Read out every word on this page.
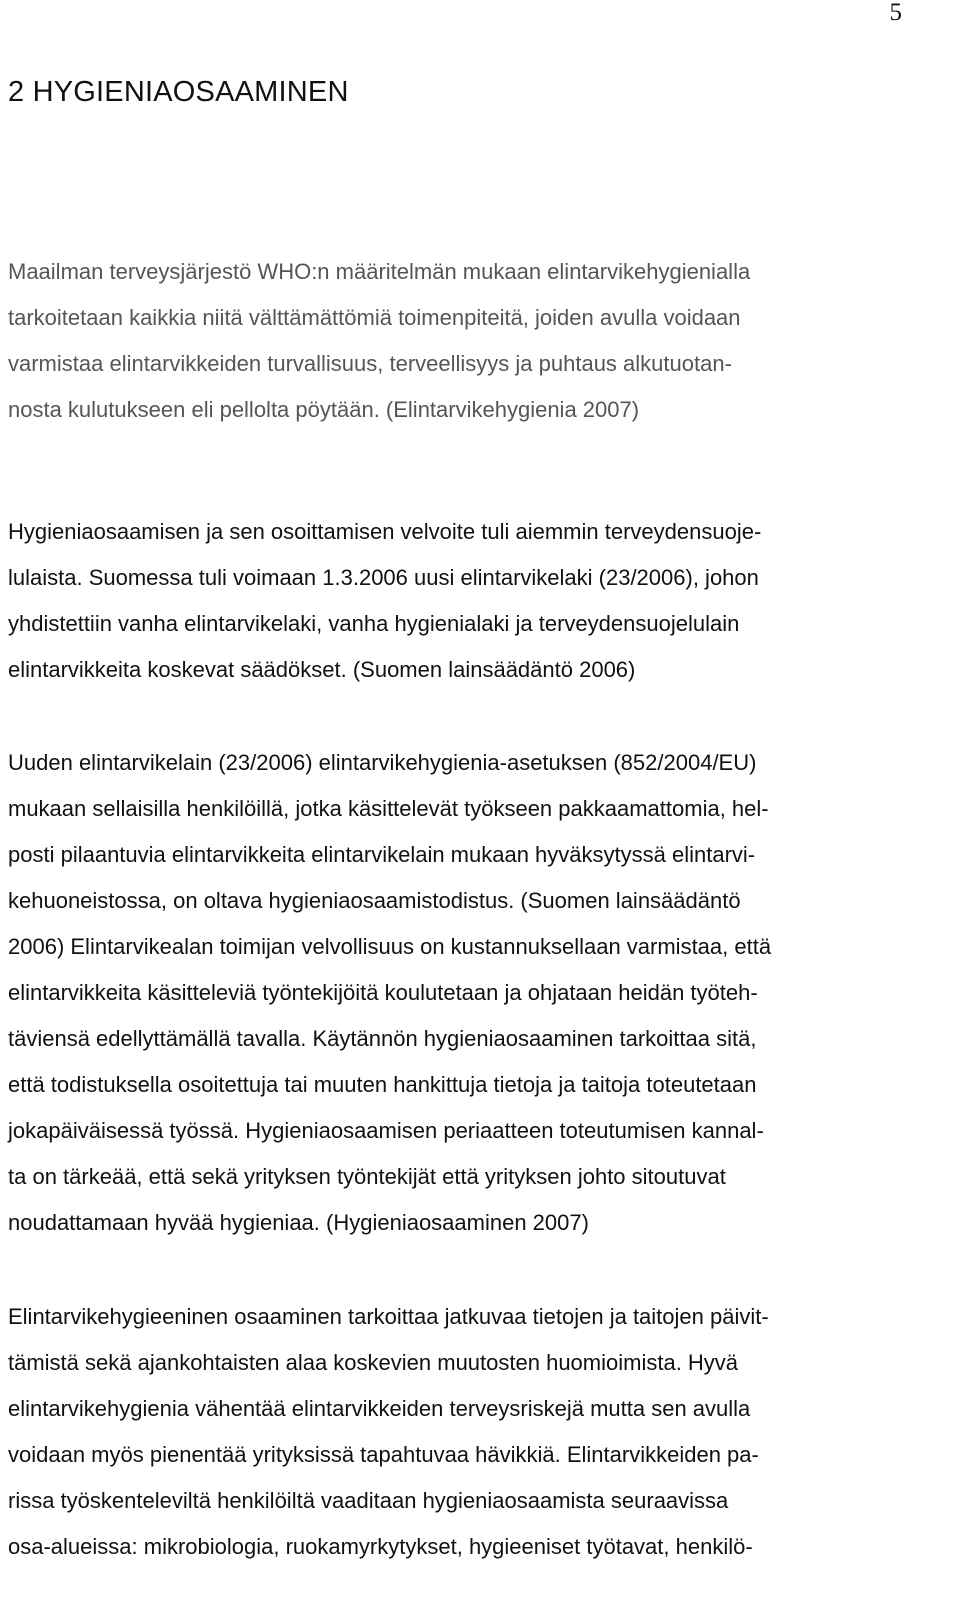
5
2 HYGIENIAOSAAMINEN
Maailman terveysjärjestö WHO:n määritelmän mukaan elintarvikehygienialla
tarkoitetaan kaikkia niitä välttämättömiä toimenpiteitä, joiden avulla voidaan
varmistaa elintarvikkeiden turvallisuus, terveellisyys ja puhtaus alkutuotan-
nosta kulutukseen eli pellolta pöytään. (Elintarvikehygienia 2007)
Hygieniaosaamisen ja sen osoittamisen velvoite tuli aiemmin terveydensuoje-
lulaista. Suomessa tuli voimaan 1.3.2006 uusi elintarvikelaki (23/2006), johon
yhdistettiin vanha elintarvikelaki, vanha hygienialaki ja terveydensuojelulain
elintarvikkeita koskevat säädökset. (Suomen lainsäädäntö 2006)
Uuden elintarvikelain (23/2006) elintarvikehygienia-asetuksen (852/2004/EU)
mukaan sellaisilla henkilöillä, jotka käsittelevät työkseen pakkaamattomia, hel-
posti pilaantuvia elintarvikkeita elintarvikelain mukaan hyväksytyssä elintarvi-
kehuoneistossa, on oltava hygieniaosaamistodistus. (Suomen lainsäädäntö
2006) Elintarvikealan toimijan velvollisuus on kustannuksellaan varmistaa, että
elintarvikkeita käsitteleviä työntekijöitä koulutetaan ja ohjataan heidän työteh-
täviensä edellyttämällä tavalla. Käytännön hygieniaosaaminen tarkoittaa sitä,
että todistuksella osoitettuja tai muuten hankittuja tietoja ja taitoja toteutetaan
jokapäiväisessä työssä. Hygieniaosaamisen periaatteen toteutumisen kannal-
ta on tärkeää, että sekä yrityksen työntekijät että yrityksen johto sitoutuvat
noudattamaan hyvää hygieniaa. (Hygieniaosaaminen 2007)
Elintarvikehygieeninen osaaminen tarkoittaa jatkuvaa tietojen ja taitojen päivit-
tämistä sekä ajankohtaisten alaa koskevien muutosten huomioimista. Hyvä
elintarvikehygienia vähentää elintarvikkeiden terveysriskejä mutta sen avulla
voidaan myös pienentää yrityksissä tapahtuvaa hävikkiä. Elintarvikkeiden pa-
rissa työskenteleviltä henkilöiltä vaaditaan hygieniaosaamista seuraavissa
osa-alueissa: mikrobiologia, ruokamyrkytykset, hygieeniset työtavat, henkilö-
